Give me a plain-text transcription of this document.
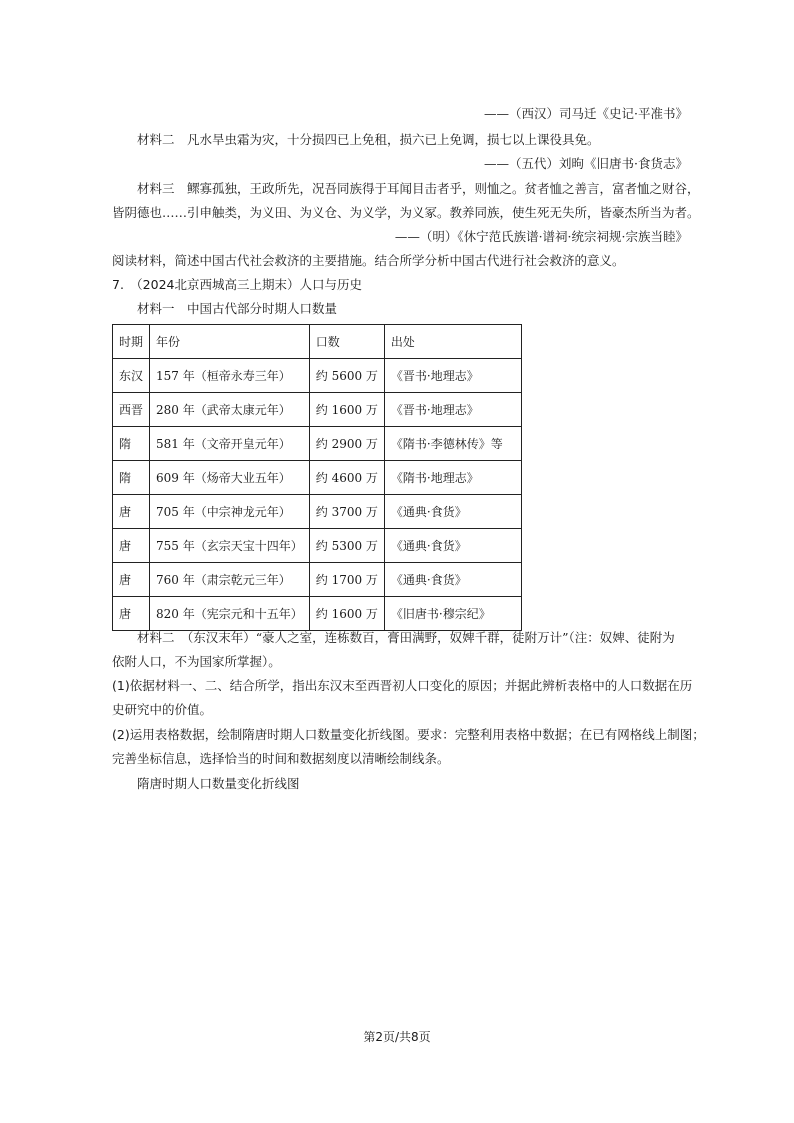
——（西汉）司马迁《史记·平准书》
材料二　凡水旱虫霜为灾，十分损四已上免租，损六已上免调，损七以上课役具免。
——（五代）刘昫《旧唐书·食货志》
材料三　鳏寡孤独，王政所先，况吾同族得于耳闻目击者乎，则恤之。贫者恤之善言，富者恤之财谷，
皆阴德也……引申触类，为义田、为义仓、为义学，为义冢。教养同族，使生死无失所，皆豪杰所当为者。
——（明）《休宁范氏族谱·谱祠·统宗祠规·宗族当睦》
阅读材料，简述中国古代社会救济的主要措施。结合所学分析中国古代进行社会救济的意义。
7.　（2024北京西城高三上期末）人口与历史
材料一　中国古代部分时期人口数量
时期	年份	口数	出处
东汉	157 年（桓帝永寿三年）	约 5600 万	《晋书·地理志》
西晋	280 年（武帝太康元年）	约 1600 万	《晋书·地理志》
隋	581 年（文帝开皇元年）	约 2900 万	《隋书·李德林传》等
隋	609 年（炀帝大业五年）	约 4600 万	《隋书·地理志》
唐	705 年（中宗神龙元年）	约 3700 万	《通典·食货》
唐	755 年（玄宗天宝十四年）	约 5300 万	《通典·食货》
唐	760 年（肃宗乾元三年）	约 1700 万	《通典·食货》
唐	820 年（宪宗元和十五年）	约 1600 万	《旧唐书·穆宗纪》
材料二　（东汉末年）“豪人之室，连栋数百，膏田满野，奴婢千群，徒附万计”（注：奴婢、徒附为
依附人口，不为国家所掌握）。
(1)依据材料一、二、结合所学，指出东汉末至西晋初人口变化的原因；并据此辨析表格中的人口数据在历
史研究中的价值。
(2)运用表格数据，绘制隋唐时期人口数量变化折线图。要求：完整利用表格中数据；在已有网格线上制图；
完善坐标信息，选择恰当的时间和数据刻度以清晰绘制线条。
隋唐时期人口数量变化折线图
第2页/共8页
